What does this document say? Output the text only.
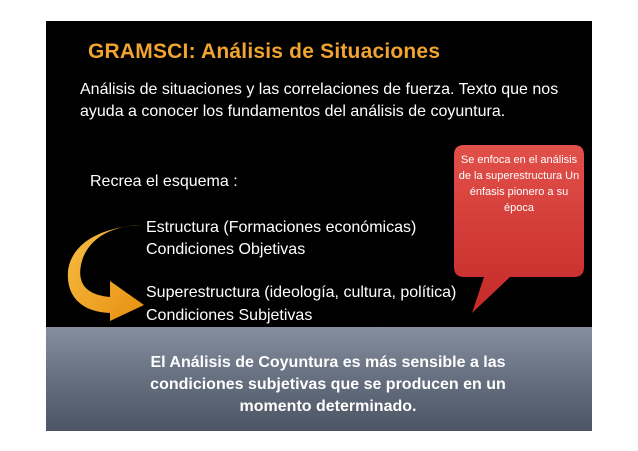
GRAMSCI: Análisis de Situaciones

Análisis de situaciones y las correlaciones de fuerza. Texto que nos ayuda a conocer los fundamentos del análisis de coyuntura.

Recrea el esquema :
Estructura (Formaciones económicas)
Condiciones Objetivas
Superestructura (ideología, cultura, política)
Condiciones Subjetivas

Se enfoca en el análisis de la superestructura Un énfasis pionero a su época

El Análisis de Coyuntura es más sensible a las condiciones subjetivas que se producen en un momento determinado.
